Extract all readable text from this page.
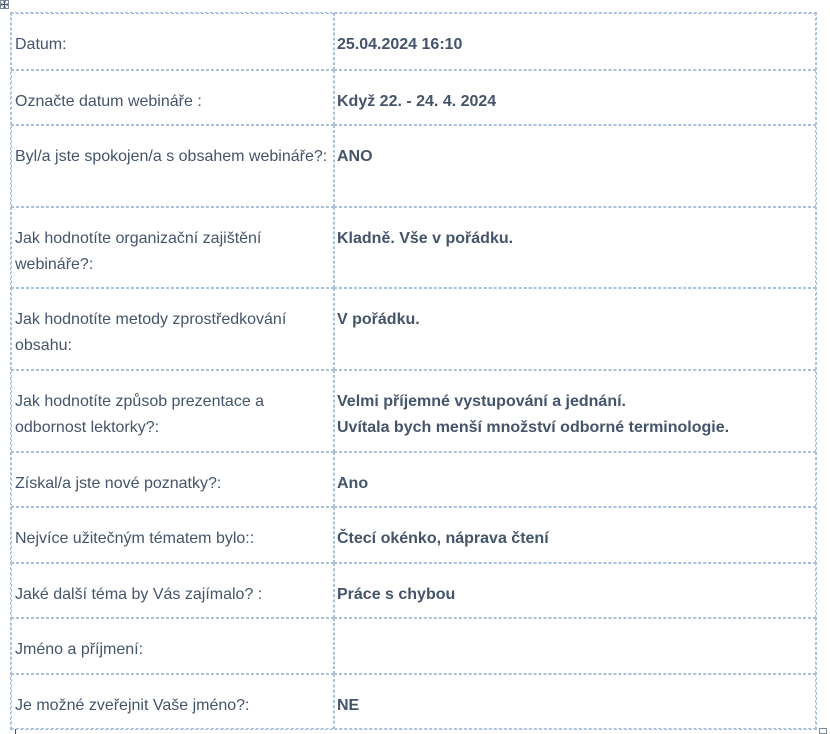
Datum:	25.04.2024 16:10

Označte datum webináře :	Když 22. - 24. 4. 2024

Byl/a jste spokojen/a s obsahem webináře?:	ANO

Jak hodnotíte organizační zajištění webináře?:	Kladně. Vše v pořádku.

Jak hodnotíte metody zprostředkování obsahu:	V pořádku.

Jak hodnotíte způsob prezentace a odbornost lektorky?:	Velmi příjemné vystupování a jednání.
Uvítala bych menší množství odborné terminologie.

Získal/a jste nové poznatky?:	Ano

Nejvíce užitečným tématem bylo::	Čtecí okénko, náprava čtení

Jaké další téma by Vás zajímalo? :	Práce s chybou

Jméno a příjmení:	

Je možné zveřejnit Vaše jméno?:	NE
